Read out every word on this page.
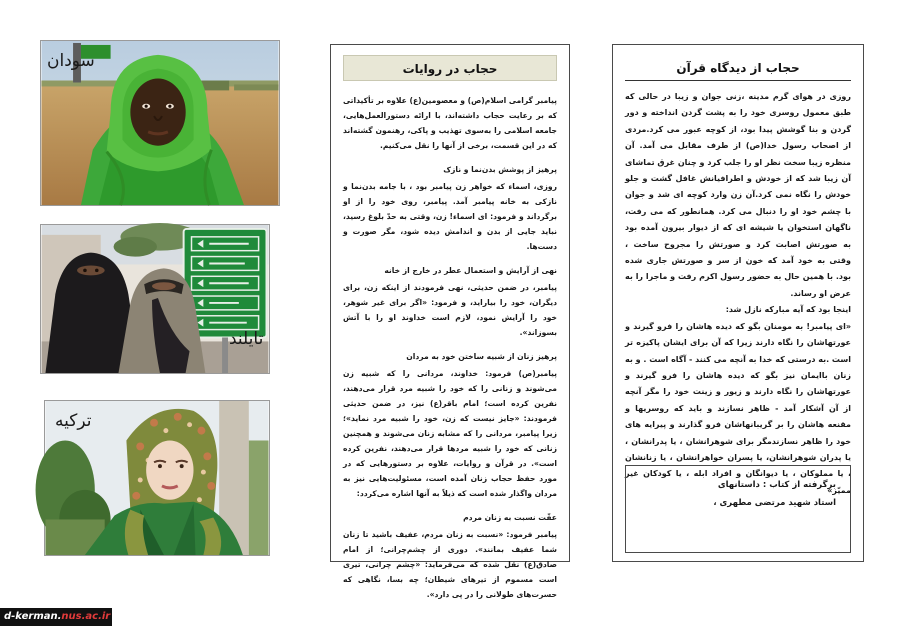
سودان
تایلند
ترکیه
حجاب در روایات

پیامبر گرامی اسلام(ص) و معصومین(ع) علاوه بر تأکیداتی که بر رعایت حجاب داشته‌اند، با ارائه دستورالعمل‌هایی، جامعه اسلامی را به‌سوی تهذیب و پاکی، رهنمون گشته‌اند که در این قسمت، برخی از آنها را نقل می‌کنیم.

پرهیز از پوشش بدن‌نما و نازک
روزی، اسماء که خواهر زن پیامبر بود ، با جامه بدن‌نما و نازکی به خانه پیامبر آمد. پیامبر، روی خود را از او برگرداند و فرمود: ای اسماء! زن، وقتی به حدّ بلوغ رسید، نباید جایی از بدن و اندامش دیده شود، مگر صورت و دست‌ها.

نهی از آرایش و استعمال عطر در خارج از خانه
پیامبر، در ضمن حدیثی، نهی فرمودند از اینکه زن، برای دیگران، خود را بیاراید، و فرمود: «اگر برای غیر شوهر، خود را آرایش نمود، لازم است خداوند او را با آتش بسوزاند».

پرهیز زنان از شبیه ساختن خود به مردان
پیامبر(ص) فرمود: خداوند، مردانی را که شبیه زن می‌شوند و زنانی را که خود را شبیه مرد قرار می‌دهند، نفرین کرده است؛ امام باقر(ع) نیز، در ضمن حدیثی فرمودند: «جایز نیست که زن، خود را شبیه مرد نماید»؛ زیرا پیامبر، مردانی را که مشابه زنان می‌شوند و همچنین زنانی که خود را شبیه مردها قرار می‌دهند، نفرین کرده است». در قرآن و روایات، علاوه بر دستورهایی که در مورد حفظ حجاب زنان آمده است، مسئولیت‌هایی نیز به مردان واگذار شده است که ذیلاً به آنها اشاره می‌کردد:

عفّت نسبت به زنان مردم
پیامبر فرمود: «نسبت به زنان مردم، عفیف باشید تا زنان شما عفیف بمانند». دوری از چشم‌چرانی؛ از امام صادق(ع) نقل شده که می‌فرماید: «چشم چرانی، تیری است مسموم از تیرهای شیطان؛ چه بسا، نگاهی که حسرت‌های طولانی را در پی دارد».

حجاب از دیدگاه قرآن

روزی در هوای گرم مدینه ،زنی جوان و زیبا در حالی که طبق معمول روسری خود را به پشت گردن انداخته و دور گردن و بنا گوشش پیدا بود، از کوچه عبور می کرد.مردی از اصحاب رسول خدا(ص) از طرف مقابل می آمد. آن منظره زیبا سخت نظر او را جلب کرد و چنان غرق تماشای آن زیبا شد که از خودش و اطرافیانش غافل گشت و جلو خودش را نگاه نمی کرد.آن زن وارد کوچه ای شد و جوان با چشم خود او را دنبال می کرد. همانطور که می رفت، ناگهان استخوان یا شیشه ای که از دیوار بیرون آمده بود به صورتش اصابت کرد و صورتش را مجروح ساخت ، وقتی به خود آمد که خون از سر و صورتش جاری شده بود. با همین حال به حضور رسول اکرم رفت و ماجرا را به عرض او رساند.

اینجا بود که آیه مبارکه نازل شد:

«ای پیامبر! به مومنان بگو که دیده هاشان را فرو گیرند و عورتهاشان را نگاه دارند زیرا که آن برای ایشان پاکیزه تر است .به درستی که خدا به آنچه می کنند - آگاه است . و به زنان باایمان نیز بگو که دیده هاشان را فرو گیرند و عورتهاشان را نگاه دارند و زیور و زینت خود را مگر آنچه از آن آشکار آمد - ظاهر نسازند و باید که روسریها و مقنعه هاشان را بر گریبانهاشان فرو گذارند و پیرایه های خود را ظاهر نسازندمگر برای شوهرانشان ، یا پدرانشان ، یا پدران شوهرانشان، یا پسران خواهرانشان ، یا زنانشان ، یا مملوکان ، یا دیوانگان و افراد ابله ، یا کودکان غیر ممیّز»

برگرفته از کتاب : داستانهای
استاد شهید مرتضی مطهری ،
d-kerman.nus.ac.ir
